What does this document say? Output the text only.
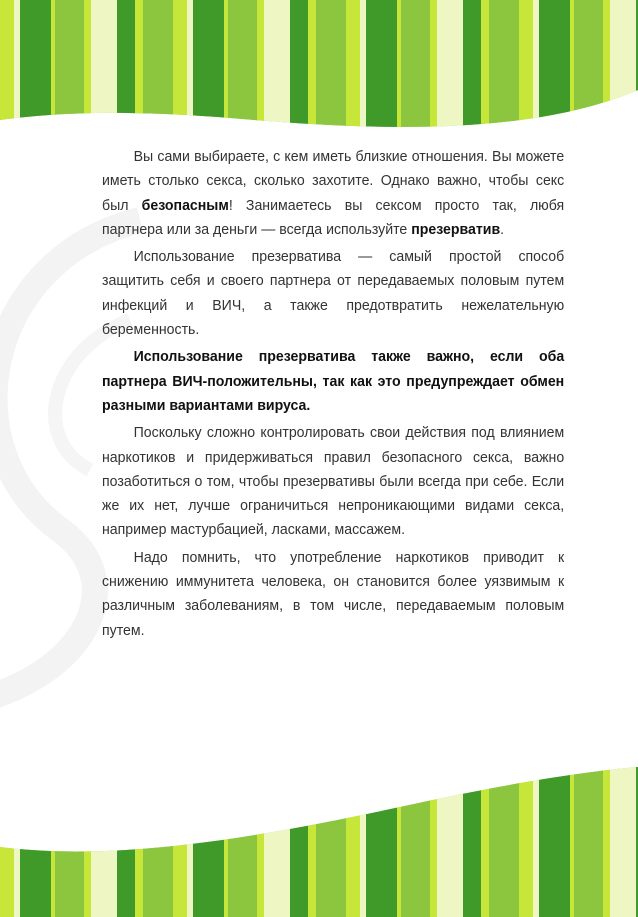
Вы сами выбираете, с кем иметь близкие отношения. Вы можете иметь столько секса, сколько захотите. Однако важно, чтобы секс был безопасным! Занимаетесь вы сексом просто так, любя партнера или за деньги — всегда используйте презерватив.

Использование презерватива — самый простой способ защитить себя и своего партнера от передаваемых половым путем инфекций и ВИЧ, а также предотвратить нежелательную беременность.

Использование презерватива также важно, если оба партнера ВИЧ-положительны, так как это предупреждает обмен разными вариантами вируса.

Поскольку сложно контролировать свои действия под влиянием наркотиков и придерживаться правил безопасного секса, важно позаботиться о том, чтобы презервативы были всегда при себе. Если же их нет, лучше ограничиться непроникающими видами секса, например мастурбацией, ласками, массажем.

Надо помнить, что употребление наркотиков приводит к снижению иммунитета человека, он становится более уязвимым к различным заболеваниям, в том числе, передаваемым половым путем.
